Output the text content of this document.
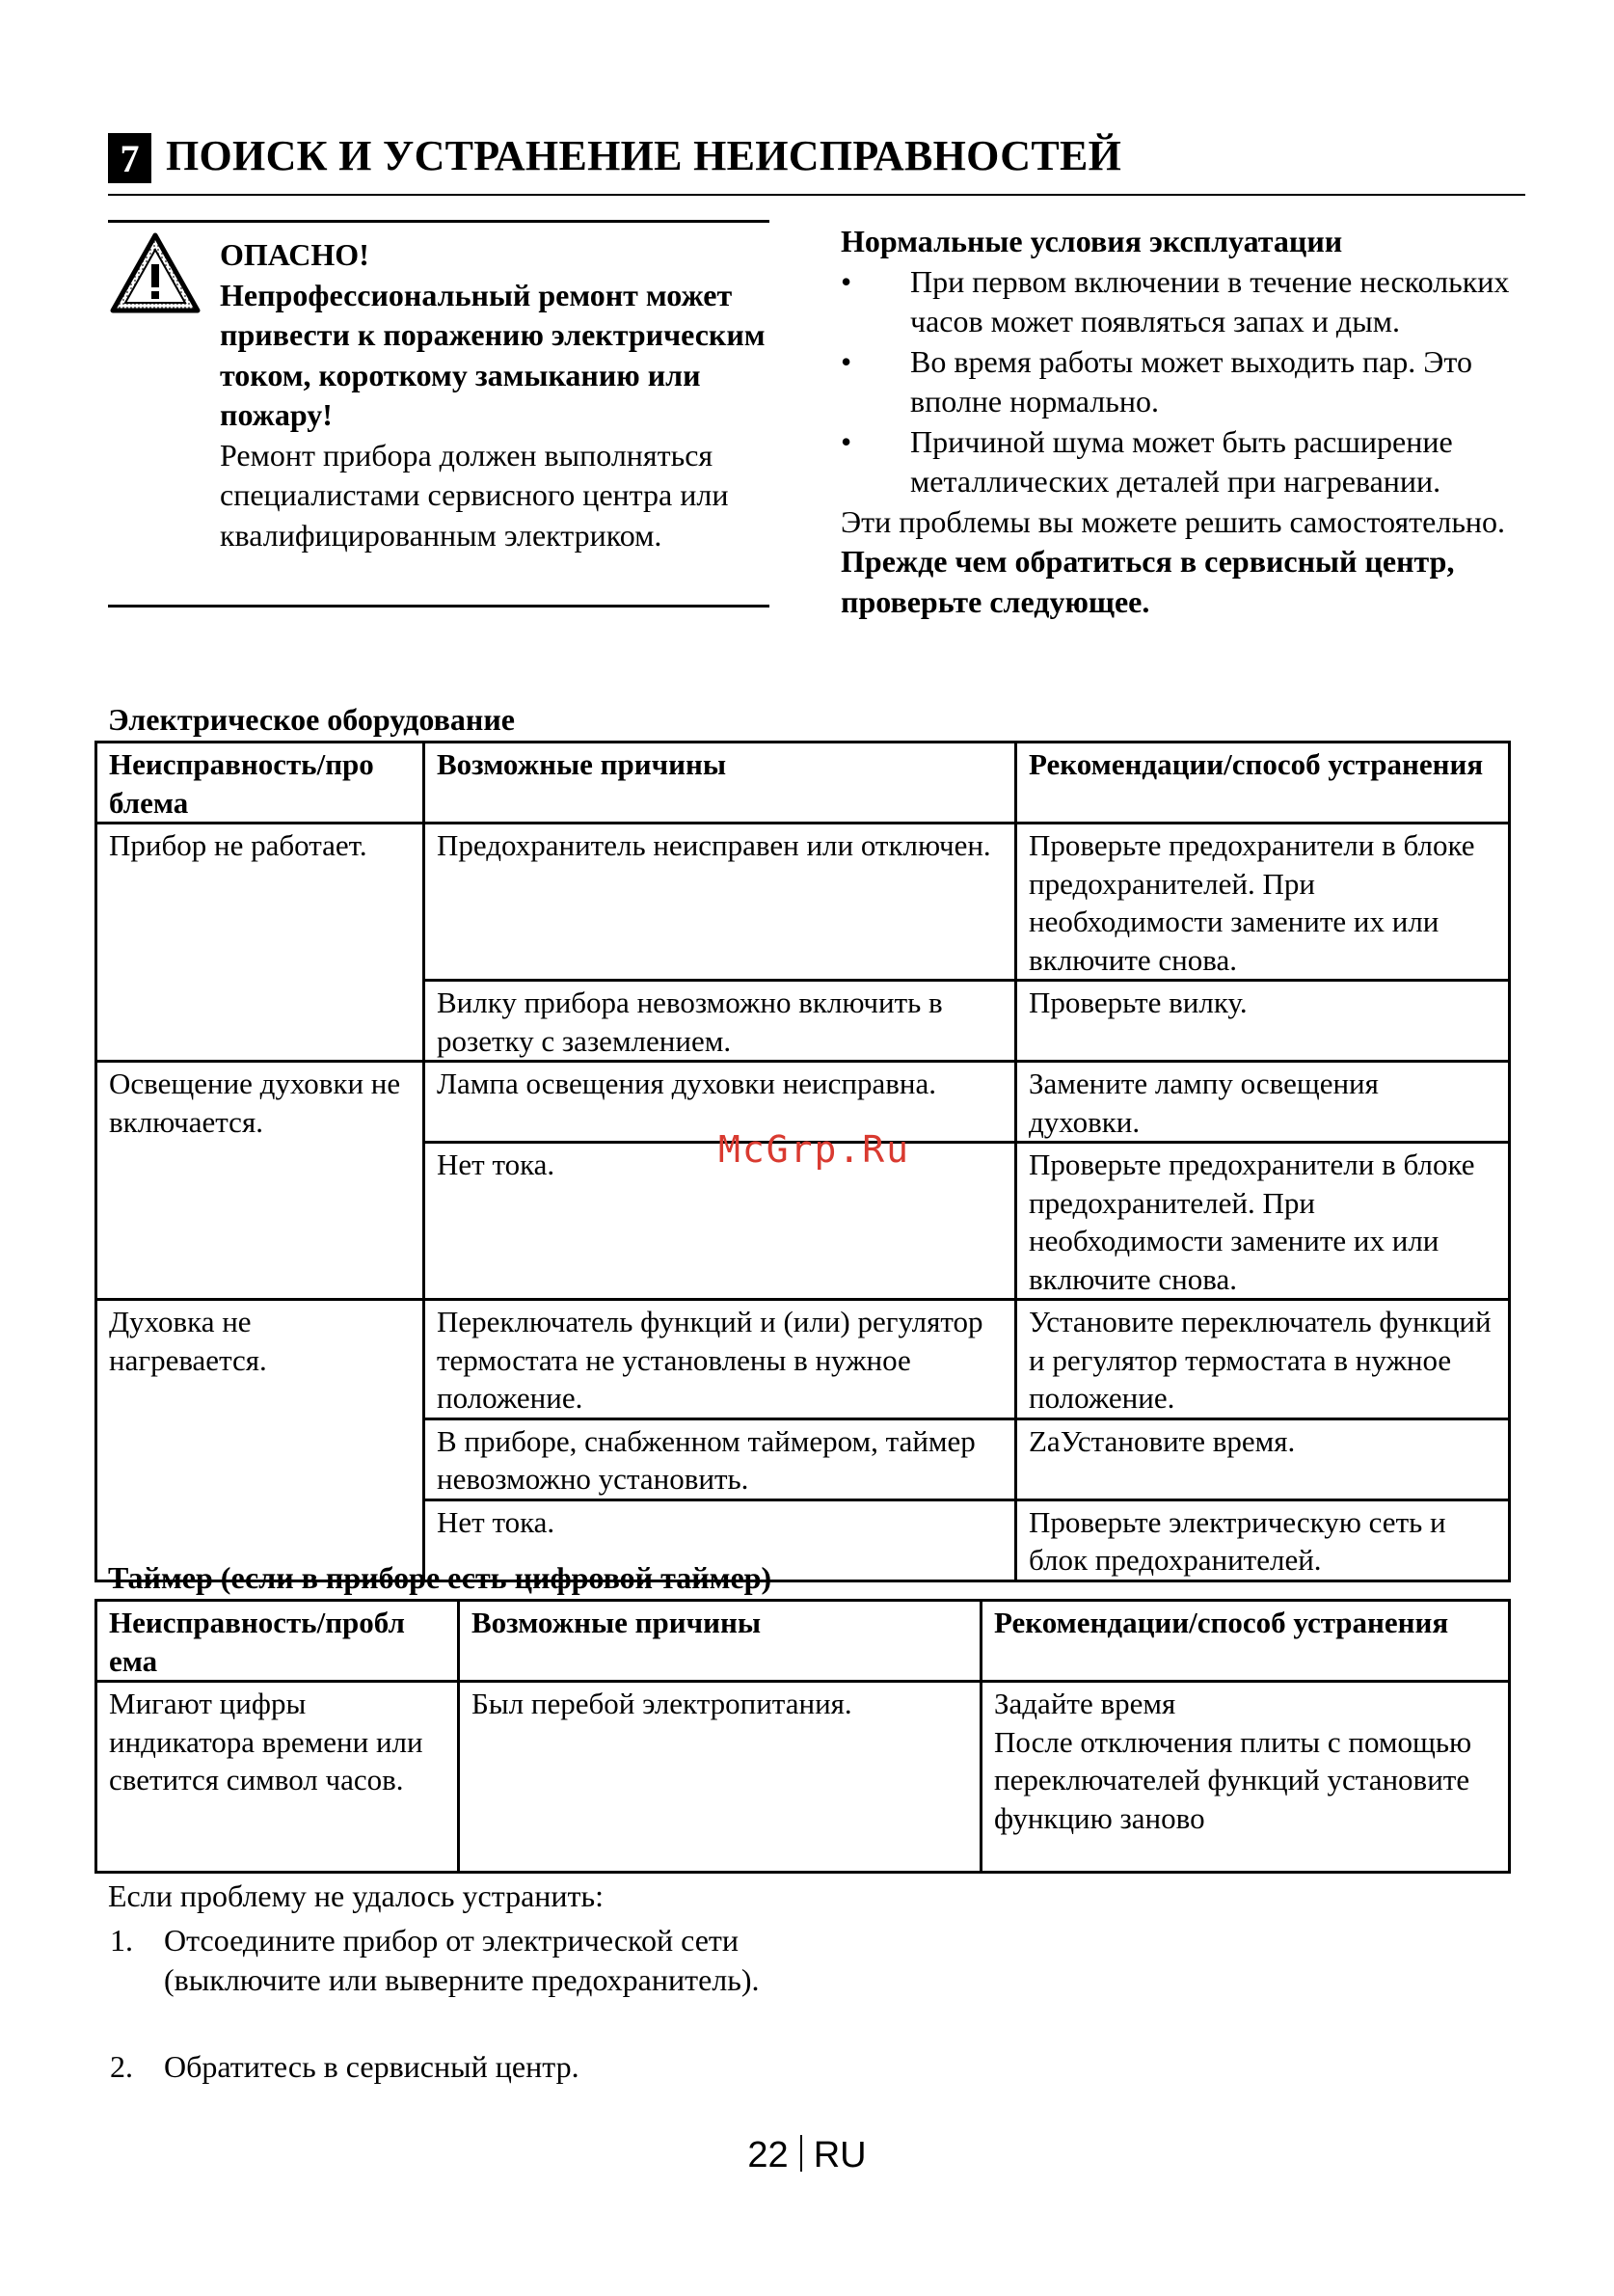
7 ПОИСК И УСТРАНЕНИЕ НЕИСПРАВНОСТЕЙ
ОПАСНО!
Непрофессиональный ремонт может привести к поражению электрическим током, короткому замыканию или пожару!
Ремонт прибора должен выполняться специалистами сервисного центра или квалифицированным электриком.
Нормальные условия эксплуатации
• При первом включении в течение нескольких часов может появляться запах и дым.
• Во время работы может выходить пар. Это вполне нормально.
• Причиной шума может быть расширение металлических деталей при нагревании.
Эти проблемы вы можете решить самостоятельно. Прежде чем обратиться в сервисный центр, проверьте следующее.
Электрическое оборудование
Неисправность/про блема	Возможные причины	Рекомендации/способ устранения
Прибор не работает.	Предохранитель неисправен или отключен.	Проверьте предохранители в блоке предохранителей. При необходимости замените их или включите снова.
	Вилку прибора невозможно включить в розетку с заземлением.	Проверьте вилку.
Освещение духовки не включается.	Лампа освещения духовки неисправна.	Замените лампу освещения духовки.
	Нет тока.	Проверьте предохранители в блоке предохранителей. При необходимости замените их или включите снова.
Духовка не нагревается.	Переключатель функций и (или) регулятор термостата не установлены в нужное положение.	Установите переключатель функций и регулятор термостата в нужное положение.
	В приборе, снабженном таймером, таймер невозможно установить.	ZaУстановите время.
	Нет тока.	Проверьте электрическую сеть и блок предохранителей.
Таймер (если в приборе есть цифровой таймер)
Неисправность/пробл ема	Возможные причины	Рекомендации/способ устранения
Мигают цифры индикатора времени или светится символ часов.	Был перебой электропитания.	Задайте время
После отключения плиты с помощью переключателей функций установите функцию заново
Если проблему не удалось устранить:
1. Отсоедините прибор от электрической сети (выключите или выверните предохранитель).
2. Обратитесь в сервисный центр.
McGrp.Ru
22 RU
